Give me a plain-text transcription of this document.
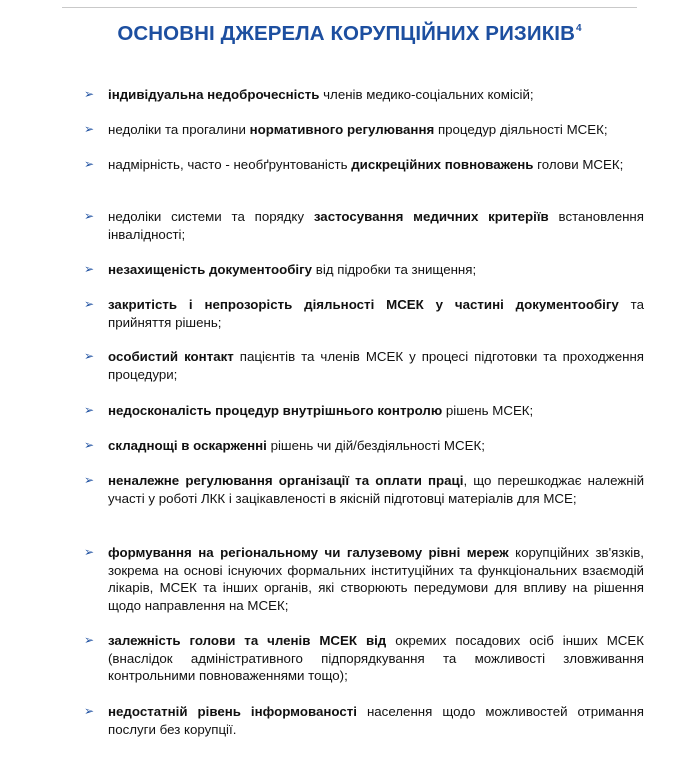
ОСНОВНІ ДЖЕРЕЛА КОРУПЦІЙНИХ РИЗИКІВ$^4$
➢ індивідуальна недоброчесність членів медико-соціальних комісій;
➢ недоліки та прогалини нормативного регулювання процедур діяльності МСЕК;
➢ надмірність, часто - необґрунтованість дискреційних повноважень голови МСЕК;
➢ недоліки системи та порядку застосування медичних критеріїв встановлення інвалідності;
➢ незахищеність документообігу від підробки та знищення;
➢ закритість і непрозорість діяльності МСЕК у частині документообігу та прийняття рішень;
➢ особистий контакт пацієнтів та членів МСЕК у процесі підготовки та проходження процедури;
➢ недосконалість процедур внутрішнього контролю рішень МСЕК;
➢ складнощі в оскарженні рішень чи дій/бездіяльності МСЕК;
➢ неналежне регулювання організації та оплати праці, що перешкоджає належній участі у роботі ЛКК і зацікавленості в якісній підготовці матеріалів для МСЕ;
➢ формування на регіональному чи галузевому рівні мереж корупційних зв'язків, зокрема на основі існуючих формальних інституційних та функціональних взаємодій лікарів, МСЕК та інших органів, які створюють передумови для впливу на рішення щодо направлення на МСЕК;
➢ залежність голови та членів МСЕК від окремих посадових осіб інших МСЕК (внаслідок адміністративного підпорядкування та можливості зловживання контрольними повноваженнями тощо);
➢ недостатній рівень інформованості населення щодо можливостей отримання послуги без корупції.
